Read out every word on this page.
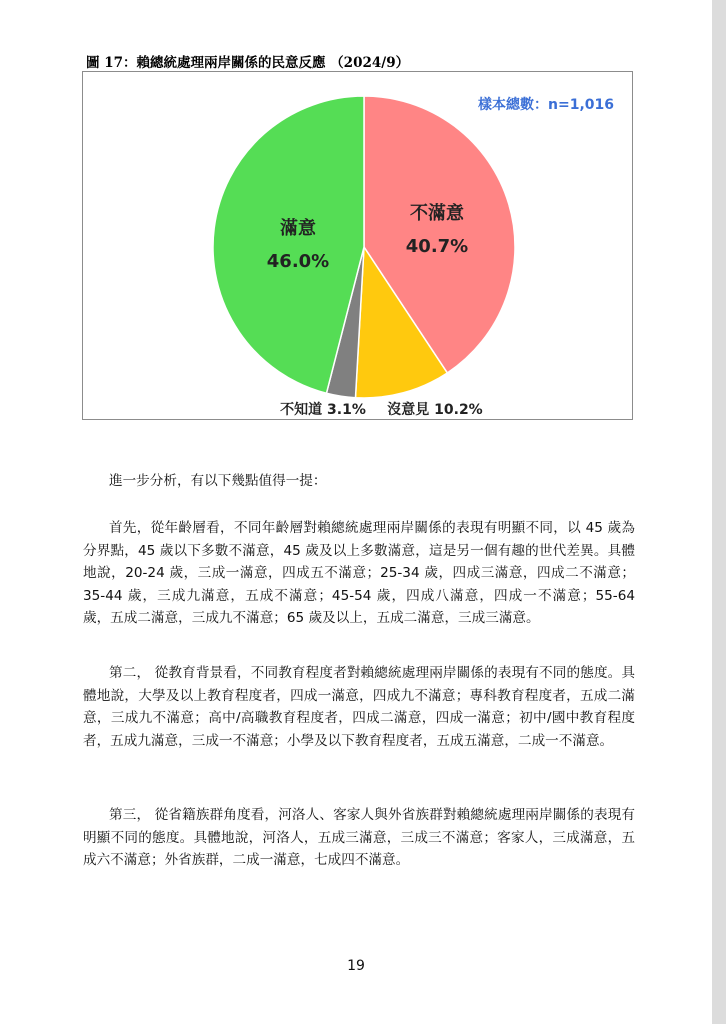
圖 17：賴總統處理兩岸關係的民意反應 （2024/9）
不滿意
40.7%
沒意見 10.2%
不知道 3.1%
滿意
46.0%
樣本總數：n=1,016

進一步分析，有以下幾點值得一提：

首先，從年齡層看，不同年齡層對賴總統處理兩岸關係的表現有明顯不同，以 45 歲為分界點，45 歲以下多數不滿意，45 歲及以上多數滿意，這是另一個有趣的世代差異。具體地說，20-24 歲，三成一滿意，四成五不滿意；25-34 歲，四成三滿意，四成二不滿意；35-44 歲，三成九滿意，五成不滿意；45-54 歲，四成八滿意，四成一不滿意；55-64 歲，五成二滿意，三成九不滿意；65 歲及以上，五成二滿意，三成三滿意。

第二， 從教育背景看，不同教育程度者對賴總統處理兩岸關係的表現有不同的態度。具體地說，大學及以上教育程度者，四成一滿意，四成九不滿意；專科教育程度者，五成二滿意，三成九不滿意；高中/高職教育程度者，四成二滿意，四成一滿意；初中/國中教育程度者，五成九滿意，三成一不滿意；小學及以下教育程度者，五成五滿意，二成一不滿意。

第三， 從省籍族群角度看，河洛人、客家人與外省族群對賴總統處理兩岸關係的表現有明顯不同的態度。具體地說，河洛人，五成三滿意，三成三不滿意；客家人，三成滿意，五成六不滿意；外省族群，二成一滿意，七成四不滿意。

19
